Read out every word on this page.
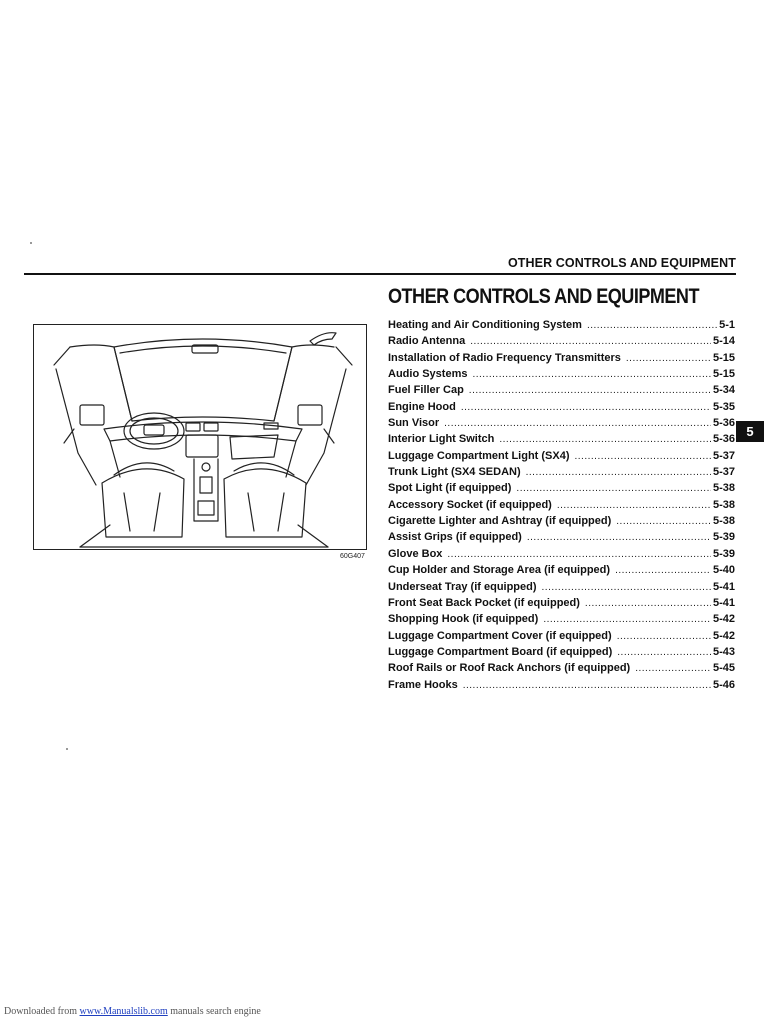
OTHER CONTROLS AND EQUIPMENT
OTHER CONTROLS AND EQUIPMENT
60G407
Heating and Air Conditioning System .....	5-1
Radio Antenna .....	5-14
Installation of Radio Frequency Transmitters .....	5-15
Audio Systems .....	5-15
Fuel Filler Cap .....	5-34
Engine Hood .....	5-35
Sun Visor .....	5-36
Interior Light Switch .....	5-36
Luggage Compartment Light (SX4) .....	5-37
Trunk Light (SX4 SEDAN) .....	5-37
Spot Light (if equipped) .....	5-38
Accessory Socket (if equipped) .....	5-38
Cigarette Lighter and Ashtray (if equipped) .....	5-38
Assist Grips (if equipped) .....	5-39
Glove Box .....	5-39
Cup Holder and Storage Area (if equipped) .....	5-40
Underseat Tray (if equipped) .....	5-41
Front Seat Back Pocket (if equipped) .....	5-41
Shopping Hook (if equipped) .....	5-42
Luggage Compartment Cover (if equipped) .....	5-42
Luggage Compartment Board (if equipped) .....	5-43
Roof Rails or Roof Rack Anchors (if equipped) .....	5-45
Frame Hooks .....	5-46
5
Downloaded from www.Manualslib.com manuals search engine
